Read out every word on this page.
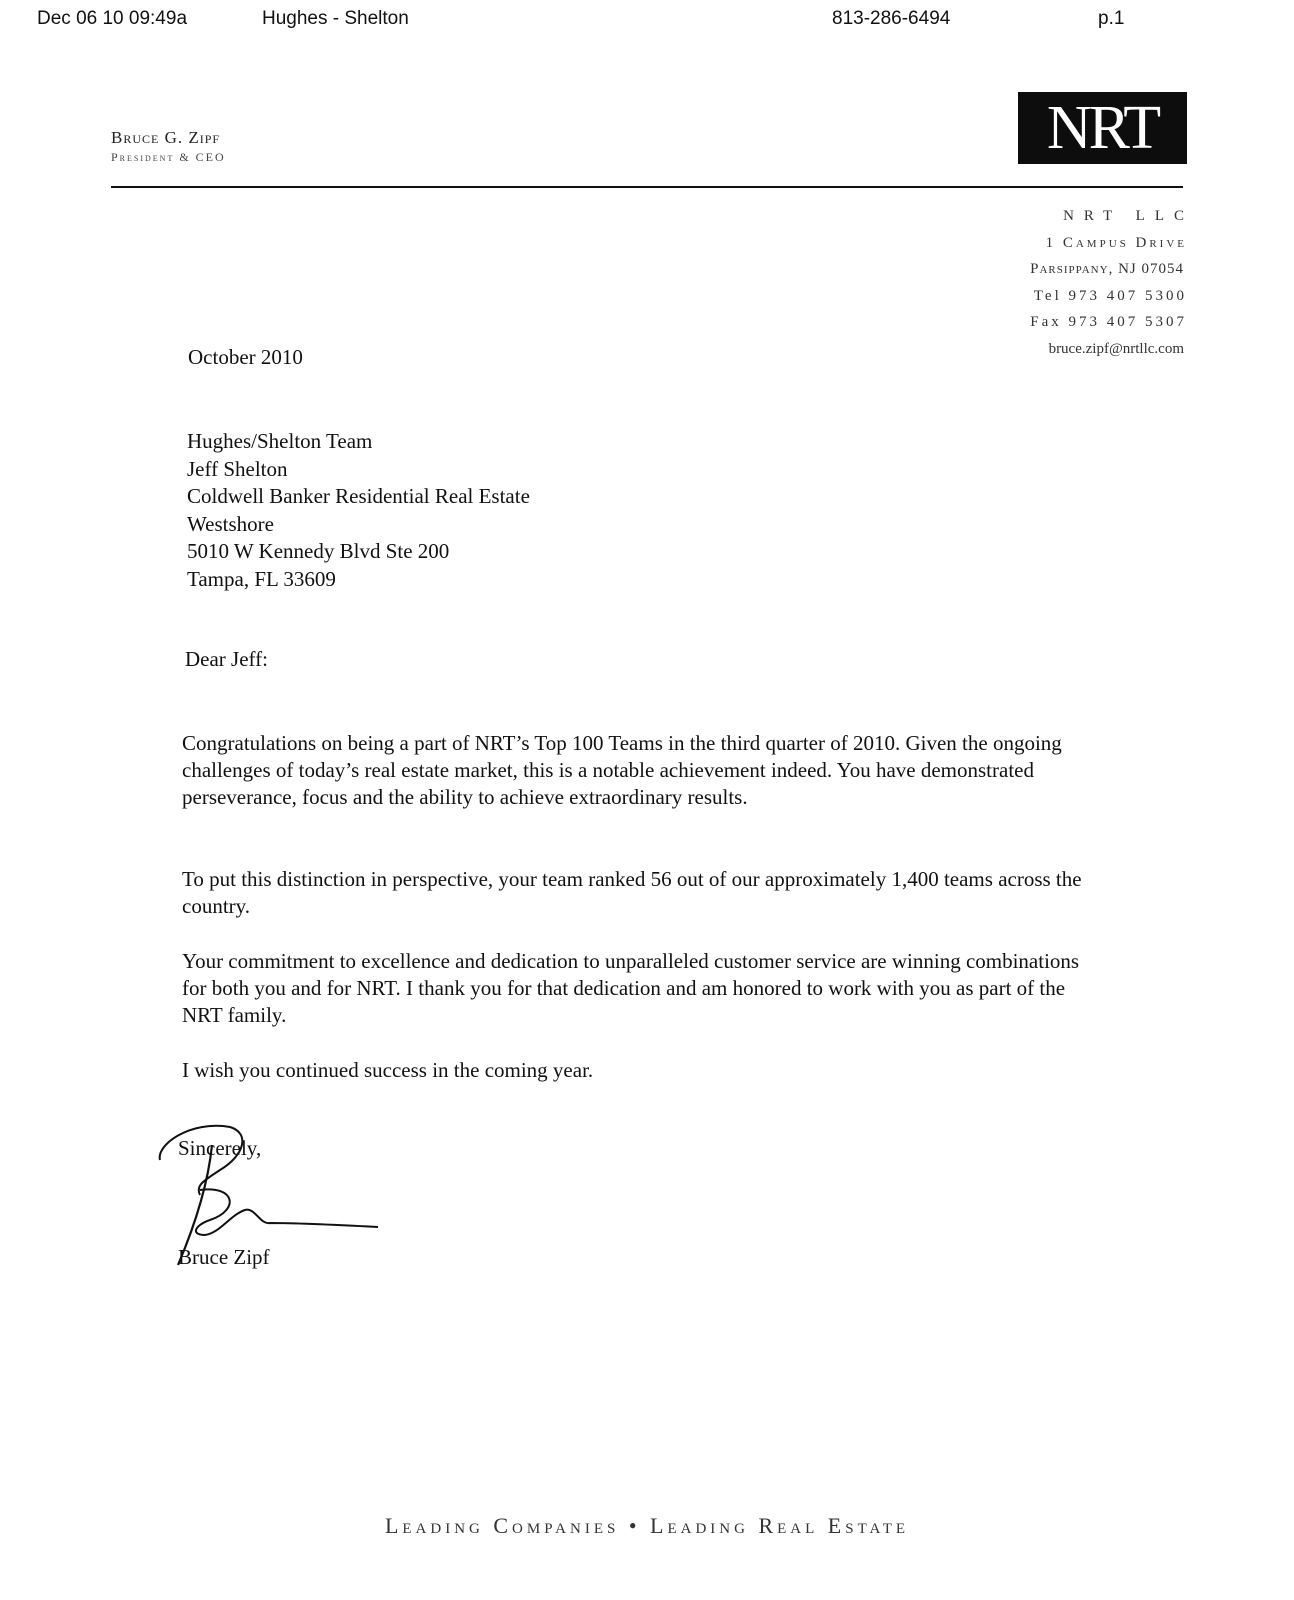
Dec 06 10 09:49a	Hughes - Shelton	813-286-6494	p.1
Bruce G. Zipf
President & CEO	NRT
NRT LLC
1 Campus Drive
Parsippany, NJ 07054
Tel 973 407 5300
Fax 973 407 5307
bruce.zipf@nrtllc.com
October 2010
Hughes/Shelton Team
Jeff Shelton
Coldwell Banker Residential Real Estate
Westshore
5010 W Kennedy Blvd Ste 200
Tampa, FL 33609
Dear Jeff:

Congratulations on being a part of NRT’s Top 100 Teams in the third quarter of 2010. Given the ongoing challenges of today’s real estate market, this is a notable achievement indeed. You have demonstrated perseverance, focus and the ability to achieve extraordinary results.

To put this distinction in perspective, your team ranked 56 out of our approximately 1,400 teams across the country.

Your commitment to excellence and dedication to unparalleled customer service are winning combinations for both you and for NRT. I thank you for that dedication and am honored to work with you as part of the NRT family.

I wish you continued success in the coming year.

Sincerely,
Bruce Zipf
Leading Companies • Leading Real Estate
